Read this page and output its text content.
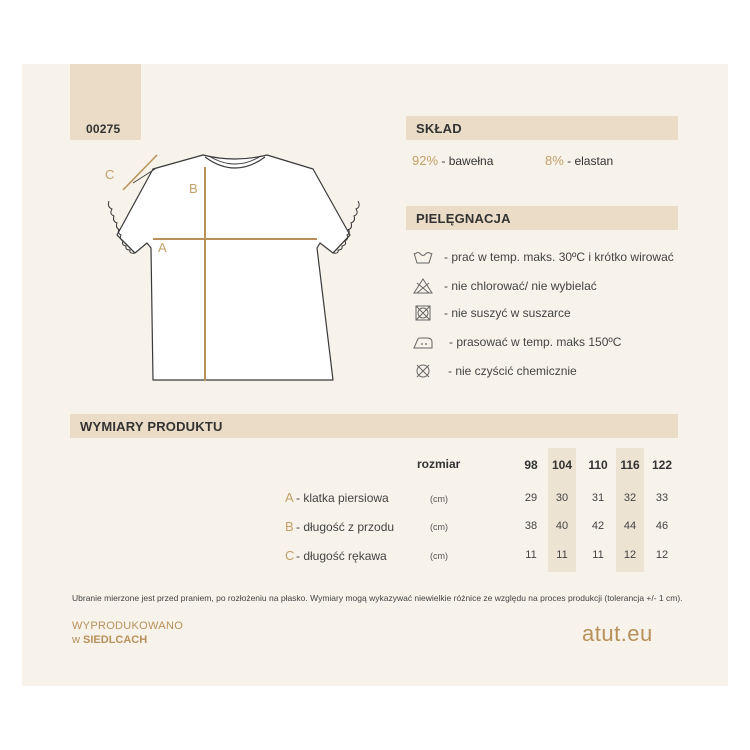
00275	SKŁAD
92% - bawełna	8% - elastan
PIELĘGNACJA
- prać w temp. maks. 30ºC i krótko wirować
- nie chlorować/ nie wybielać
- nie suszyć w suszarce
- prasować w temp. maks 150ºC
- nie czyścić chemicznie
C
B
A
WYMIARY PRODUKTU
rozmiar	98	104	110	116	122
A - klatka piersiowa	(cm)	29	30	31	32	33
B - długość z przodu	(cm)	38	40	42	44	46
C - długość rękawa	(cm)	11	11	11	12	12
Ubranie mierzone jest przed praniem, po rozłożeniu na płasko. Wymiary mogą wykazywać niewielkie różnice ze względu na proces produkcji (tolerancja +/- 1 cm).
WYPRODUKOWANO
w SIEDLCACH	atut.eu
